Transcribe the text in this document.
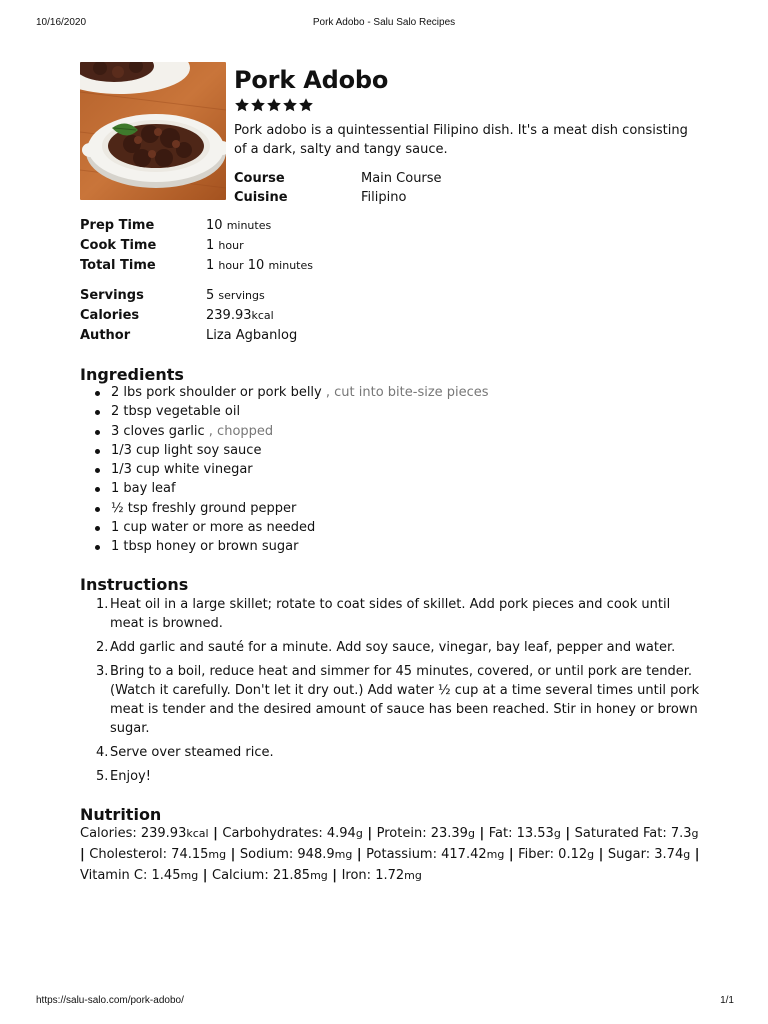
10/16/2020	Pork Adobo - Salu Salo Recipes
https://salu-salo.com/pork-adobo/	1/1
Pork Adobo
Pork adobo is a quintessential Filipino dish. It's a meat dish consisting of a dark, salty and tangy sauce.
Course	Main Course
Cuisine	Filipino
Prep Time	10 minutes
Cook Time	1 hour
Total Time	1 hour 10 minutes
Servings	5 servings
Calories	239.93kcal
Author	Liza Agbanlog
Ingredients
2 lbs pork shoulder or pork belly , cut into bite-size pieces
2 tbsp vegetable oil
3 cloves garlic , chopped
1/3 cup light soy sauce
1/3 cup white vinegar
1 bay leaf
½ tsp freshly ground pepper
1 cup water or more as needed
1 tbsp honey or brown sugar
Instructions
1. Heat oil in a large skillet; rotate to coat sides of skillet. Add pork pieces and cook until meat is browned.
2. Add garlic and sauté for a minute. Add soy sauce, vinegar, bay leaf, pepper and water.
3. Bring to a boil, reduce heat and simmer for 45 minutes, covered, or until pork are tender. (Watch it carefully. Don't let it dry out.) Add water ½ cup at a time several times until pork meat is tender and the desired amount of sauce has been reached. Stir in honey or brown sugar.
4. Serve over steamed rice.
5. Enjoy!
Nutrition
Calories: 239.93kcal | Carbohydrates: 4.94g | Protein: 23.39g | Fat: 13.53g | Saturated Fat: 7.3g | Cholesterol: 74.15mg | Sodium: 948.9mg | Potassium: 417.42mg | Fiber: 0.12g | Sugar: 3.74g | Vitamin C: 1.45mg | Calcium: 21.85mg | Iron: 1.72mg
